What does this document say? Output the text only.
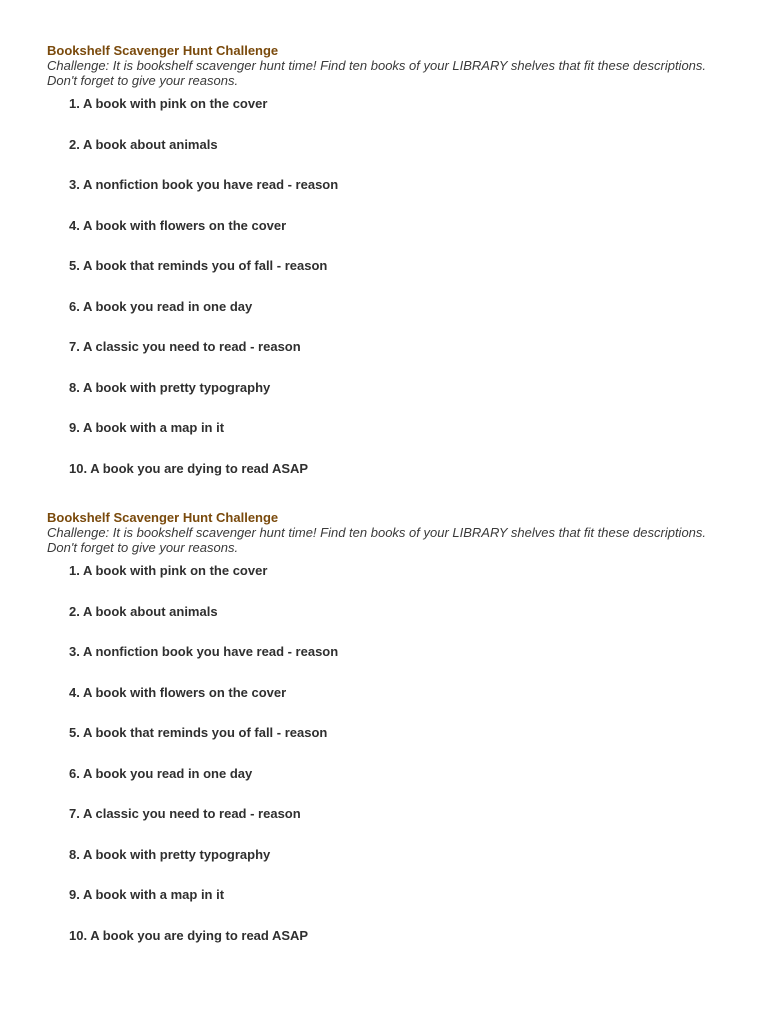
Bookshelf Scavenger Hunt Challenge

Challenge: It is bookshelf scavenger hunt time! Find ten books of your LIBRARY shelves that fit these descriptions. Don't forget to give your reasons.

1. A book with pink on the cover
2. A book about animals
3. A nonfiction book you have read - reason
4. A book with flowers on the cover
5. A book that reminds you of fall - reason
6. A book you read in one day
7. A classic you need to read - reason
8. A book with pretty typography
9. A book with a map in it
10. A book you are dying to read ASAP

Bookshelf Scavenger Hunt Challenge

Challenge: It is bookshelf scavenger hunt time! Find ten books of your LIBRARY shelves that fit these descriptions. Don't forget to give your reasons.

1. A book with pink on the cover
2. A book about animals
3. A nonfiction book you have read - reason
4. A book with flowers on the cover
5. A book that reminds you of fall - reason
6. A book you read in one day
7. A classic you need to read - reason
8. A book with pretty typography
9. A book with a map in it
10. A book you are dying to read ASAP
